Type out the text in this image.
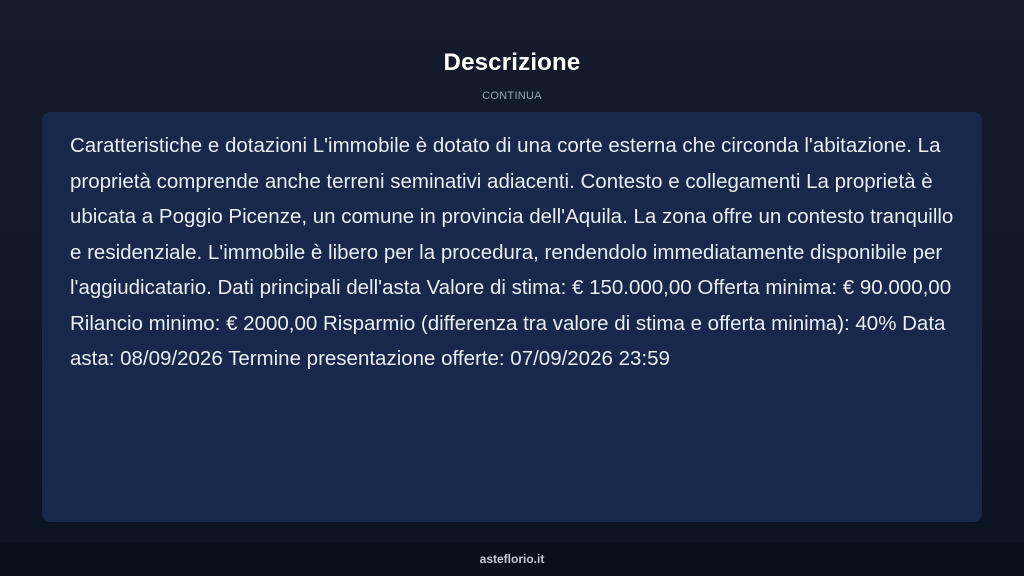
Descrizione
CONTINUA

Caratteristiche e dotazioni L'immobile è dotato di una corte esterna che circonda l'abitazione. La proprietà comprende anche terreni seminativi adiacenti. Contesto e collegamenti La proprietà è ubicata a Poggio Picenze, un comune in provincia dell'Aquila. La zona offre un contesto tranquillo e residenziale. L'immobile è libero per la procedura, rendendolo immediatamente disponibile per l'aggiudicatario. Dati principali dell'asta Valore di stima: € 150.000,00 Offerta minima: € 90.000,00 Rilancio minimo: € 2000,00 Risparmio (differenza tra valore di stima e offerta minima): 40% Data asta: 08/09/2026 Termine presentazione offerte: 07/09/2026 23:59

asteflorio.it
